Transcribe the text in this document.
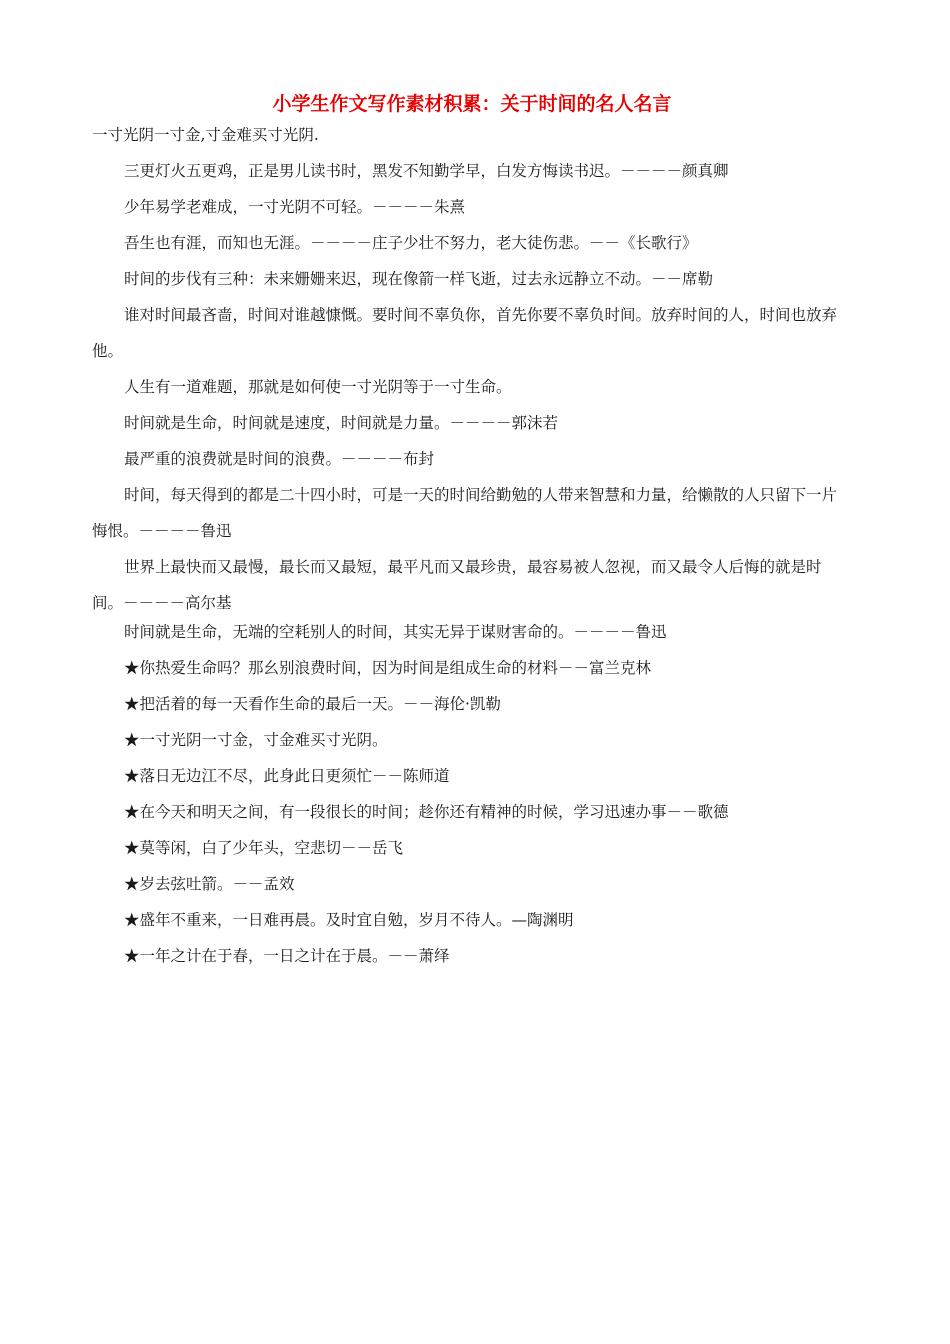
小学生作文写作素材积累：关于时间的名人名言

一寸光阴一寸金,寸金难买寸光阴.

三更灯火五更鸡，正是男儿读书时，黑发不知勤学早，白发方悔读书迟。－－－－颜真卿

少年易学老难成，一寸光阴不可轻。－－－－朱熹

吾生也有涯，而知也无涯。－－－－庄子少壮不努力，老大徒伤悲。－－《长歌行》

时间的步伐有三种：未来姗姗来迟，现在像箭一样飞逝，过去永远静立不动。－－席勒

谁对时间最吝啬，时间对谁越慷慨。要时间不辜负你，首先你要不辜负时间。放弃时间的人，时间也放弃他。

人生有一道难题，那就是如何使一寸光阴等于一寸生命。

时间就是生命，时间就是速度，时间就是力量。－－－－郭沫若

最严重的浪费就是时间的浪费。－－－－布封

时间，每天得到的都是二十四小时，可是一天的时间给勤勉的人带来智慧和力量，给懒散的人只留下一片悔恨。－－－－鲁迅

世界上最快而又最慢，最长而又最短，最平凡而又最珍贵，最容易被人忽视，而又最令人后悔的就是时间。－－－－高尔基

时间就是生命，无端的空耗别人的时间，其实无异于谋财害命的。－－－－鲁迅

★你热爱生命吗？那幺别浪费时间，因为时间是组成生命的材料－－富兰克林

★把活着的每一天看作生命的最后一天。－－海伦·凯勒

★一寸光阴一寸金，寸金难买寸光阴。

★落日无边江不尽，此身此日更须忙－－陈师道

★在今天和明天之间，有一段很长的时间；趁你还有精神的时候，学习迅速办事－－歌德

★莫等闲，白了少年头，空悲切－－岳飞

★岁去弦吐箭。－－孟效

★盛年不重来，一日难再晨。及时宜自勉，岁月不待人。—陶渊明

★一年之计在于春，一日之计在于晨。－－萧绎
